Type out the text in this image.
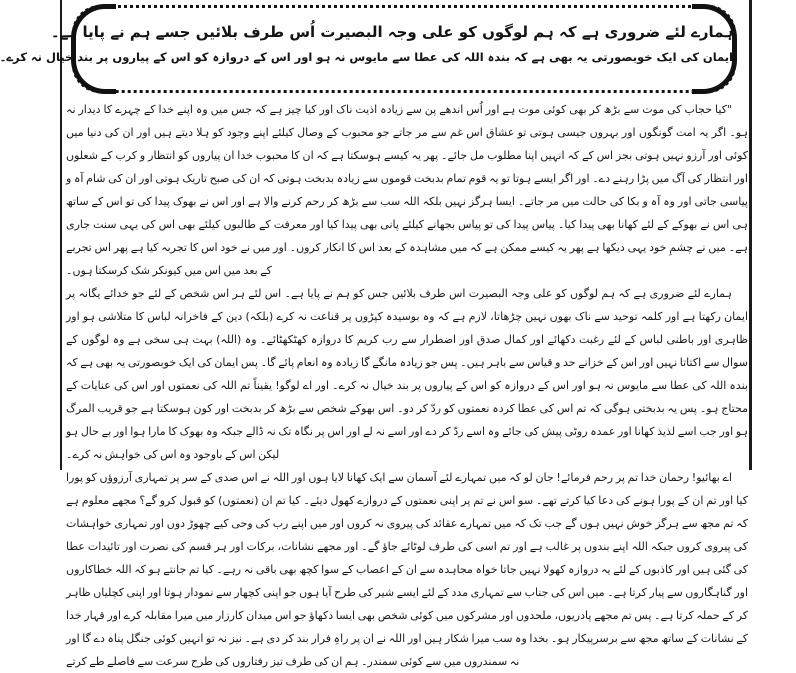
ہمارے لئے ضروری ہے کہ ہم لوگوں کو علی وجہ البصیرت اُس طرف بلائیں جسے ہم نے پایا ہے۔
ایمان کی ایک خوبصورتی یہ بھی ہے کہ بندہ اللہ کی عطا سے مایوس نہ ہو اور اس کے دروازہ کو اس کے پیاروں پر بند خیال نہ کرے۔

"کیا حجاب کی موت سے بڑھ کر بھی کوئی موت ہے اور اُس اندھے پن سے زیادہ اذیت ناک اور کیا چیز ہے کہ جس میں وہ اپنے خدا کے چہرے کا دیدار نہ ہو۔ اگر یہ امت گونگوں اور بہروں جیسی ہوتی تو عشاق اس غم سے مر جاتے جو محبوب کے وصال کیلئے اپنے وجود کو ہلا دیتے ہیں اور ان کی دنیا میں کوئی اور آرزو نہیں ہوتی بجز اس کے کہ انہیں اپنا مطلوب مل جائے۔ پھر یہ کیسے ہوسکتا ہے کہ ان کا محبوب خدا ان پیاروں کو انتظار و کرب کے شعلوں اور انتظار کی آگ میں پڑا رہنے دے۔ اور اگر ایسے ہوتا تو یہ قوم تمام بدبخت قوموں سے زیادہ بدبخت ہوتی کہ ان کی صبح تاریک ہوتی اور ان کی شام آہ و پیاسی جاتی اور وہ آہ و بکا کی حالت میں مر جاتے۔ ایسا ہرگز نہیں بلکہ اللہ سب سے بڑھ کر رحم کرنے والا ہے اور اس نے بھوک پیدا کی تو اس کے ساتھ ہی اس نے بھوکے کے لئے کھانا بھی پیدا کیا۔ پیاس پیدا کی تو پیاس بجھانے کیلئے پانی بھی پیدا کیا اور معرفت کے طالبوں کیلئے بھی اس کی یہی سنت جاری ہے۔ میں نے چشمِ خود یہی دیکھا ہے پھر یہ کیسے ممکن ہے کہ میں مشاہدہ کے بعد اس کا انکار کروں۔ اور میں نے خود اس کا تجربہ کیا ہے پھر اس تجربے کے بعد میں اس میں کیونکر شک کرسکتا ہوں۔

ہمارے لئے ضروری ہے کہ ہم لوگوں کو علی وجہ البصیرت اس طرف بلائیں جس کو ہم نے پایا ہے۔ اس لئے ہر اس شخص کے لئے جو خدائے یگانہ پر ایمان رکھتا ہے اور کلمہ توحید سے ناک بھوں نہیں چڑھاتا، لازم ہے کہ وہ بوسیدہ کپڑوں پر قناعت نہ کرے (بلکہ) دین کے فاخرانہ لباس کا متلاشی ہو اور ظاہری اور باطنی لباس کے لئے رغبت دکھائے اور کمال صدق اور اضطرار سے رب کریم کا دروازہ کھٹکھٹائے۔ وہ (اللہ) بہت ہی سخی ہے وہ لوگوں کے سوال سے اکتاتا نہیں اور اس کے خزانے حد و قیاس سے باہر ہیں۔ پس جو زیادہ مانگے گا زیادہ وہ انعام پائے گا۔ پس ایمان کی ایک خوبصورتی یہ بھی ہے کہ بندہ اللہ کی عطا سے مایوس نہ ہو اور اس کے دروازہ کو اس کے پیاروں پر بند خیال نہ کرے۔ اور اے لوگو! یقیناً تم اللہ کی نعمتوں اور اس کی عنایات کے محتاج ہو۔ پس یہ بدبختی ہوگی کہ تم اس کی عطا کردہ نعمتوں کو ردّ کر دو۔ اس بھوکے شخص سے بڑھ کر بدبخت اور کون ہوسکتا ہے جو قریب المرگ ہو اور جب اسے لذیذ کھانا اور عمدہ روٹی پیش کی جائے وہ اسے ردّ کر دے اور اسے نہ لے اور اس پر نگاہ تک نہ ڈالے جبکہ وہ بھوک کا مارا ہوا اور بے حال ہو لیکن اس کے باوجود وہ اس کی خواہش نہ کرے۔

اے بھائیو! رحمان خدا تم پر رحم فرمائے! جان لو کہ میں تمہارے لئے آسمان سے ایک کھانا لایا ہوں اور اللہ نے اس صدی کے سر پر تمہاری آرزوؤں کو پورا کیا اور تم ان کے پورا ہونے کی دعا کیا کرتے تھے۔ سو اس نے تم پر اپنی نعمتوں کے دروازے کھول دیئے۔ کیا تم ان (نعمتوں) کو قبول کرو گے؟ مجھے معلوم ہے کہ تم مجھ سے ہرگز خوش نہیں ہوں گے جب تک کہ میں تمہارے عقائد کی پیروی نہ کروں اور میں اپنے رب کی وحی کیے چھوڑ دوں اور تمہاری خواہشات کی پیروی کروں جبکہ اللہ اپنے بندوں پر غالب ہے اور تم اسی کی طرف لوٹائے جاؤ گے۔ اور مجھے نشانات، برکات اور ہر قسم کی نصرت اور تائیدات عطا کی گئی ہیں اور کاذبوں کے لئے یہ دروازہ کھولا نہیں جاتا خواہ مجاہدہ سے ان کے اعصاب کے سوا کچھ بھی باقی نہ رہے۔ کیا تم جانتے ہو کہ اللہ خطاکاروں اور گناہگاروں سے پیار کرتا ہے۔ میں اس کی جناب سے تمہاری مدد کے لئے ایسے شیر کی طرح آیا ہوں جو اپنی کچھار سے نمودار ہوتا اور اپنی کچلیاں ظاہر کر کے حملہ کرتا ہے۔ پس تم مجھے پادریوں، ملحدوں اور مشرکوں میں کوئی شخص بھی ایسا دکھاؤ جو اس میدان کارزار میں میرا مقابلہ کرے اور قہار خدا کے نشانات کے ساتھ مجھ سے برسرپیکار ہو۔ بخدا وہ سب میرا شکار ہیں اور اللہ نے ان پر راہِ فرار بند کر دی ہے۔ نیز نہ تو انہیں کوئی جنگل پناہ دے گا اور نہ سمندروں میں سے کوئی سمندر۔ ہم ان کی طرف تیز رفتاروں کی طرح سرعت سے فاصلے طے کرتے
